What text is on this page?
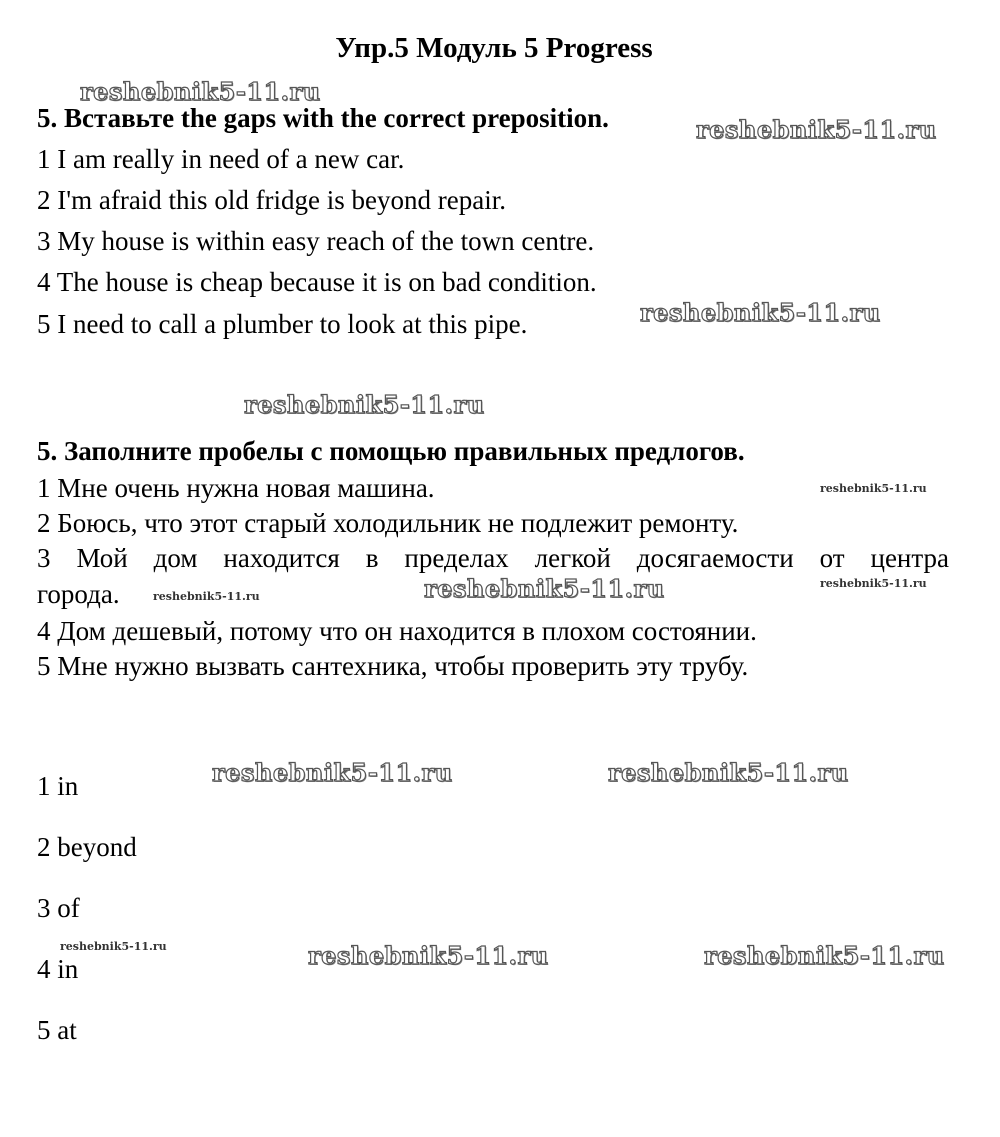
Упр.5 Модуль 5 Progress
5. Вставьте the gaps with the correct preposition.
1 I am really in need of a new car.
2 I'm afraid this old fridge is beyond repair.
3 My house is within easy reach of the town centre.
4 The house is cheap because it is on bad condition.
5 I need to call a plumber to look at this pipe.
5. Заполните пробелы с помощью правильных предлогов.
1 Мне очень нужна новая машина.
2 Боюсь, что этот старый холодильник не подлежит ремонту.
3 Мой дом находится в пределах легкой досягаемости от центра
города.
4 Дом дешевый, потому что он находится в плохом состоянии.
5 Мне нужно вызвать сантехника, чтобы проверить эту трубу.
1 in
2 beyond
3 of
4 in
5 at
reshebnik5-11.ru
reshebnik5-11.ru
reshebnik5-11.ru
reshebnik5-11.ru
reshebnik5-11.ru
reshebnik5-11.ru
reshebnik5-11.ru	reshebnik5-11.ru
reshebnik5-11.ru	reshebnik5-11.ru
reshebnik5-11.ru	reshebnik5-11.ru	reshebnik5-11.ru
